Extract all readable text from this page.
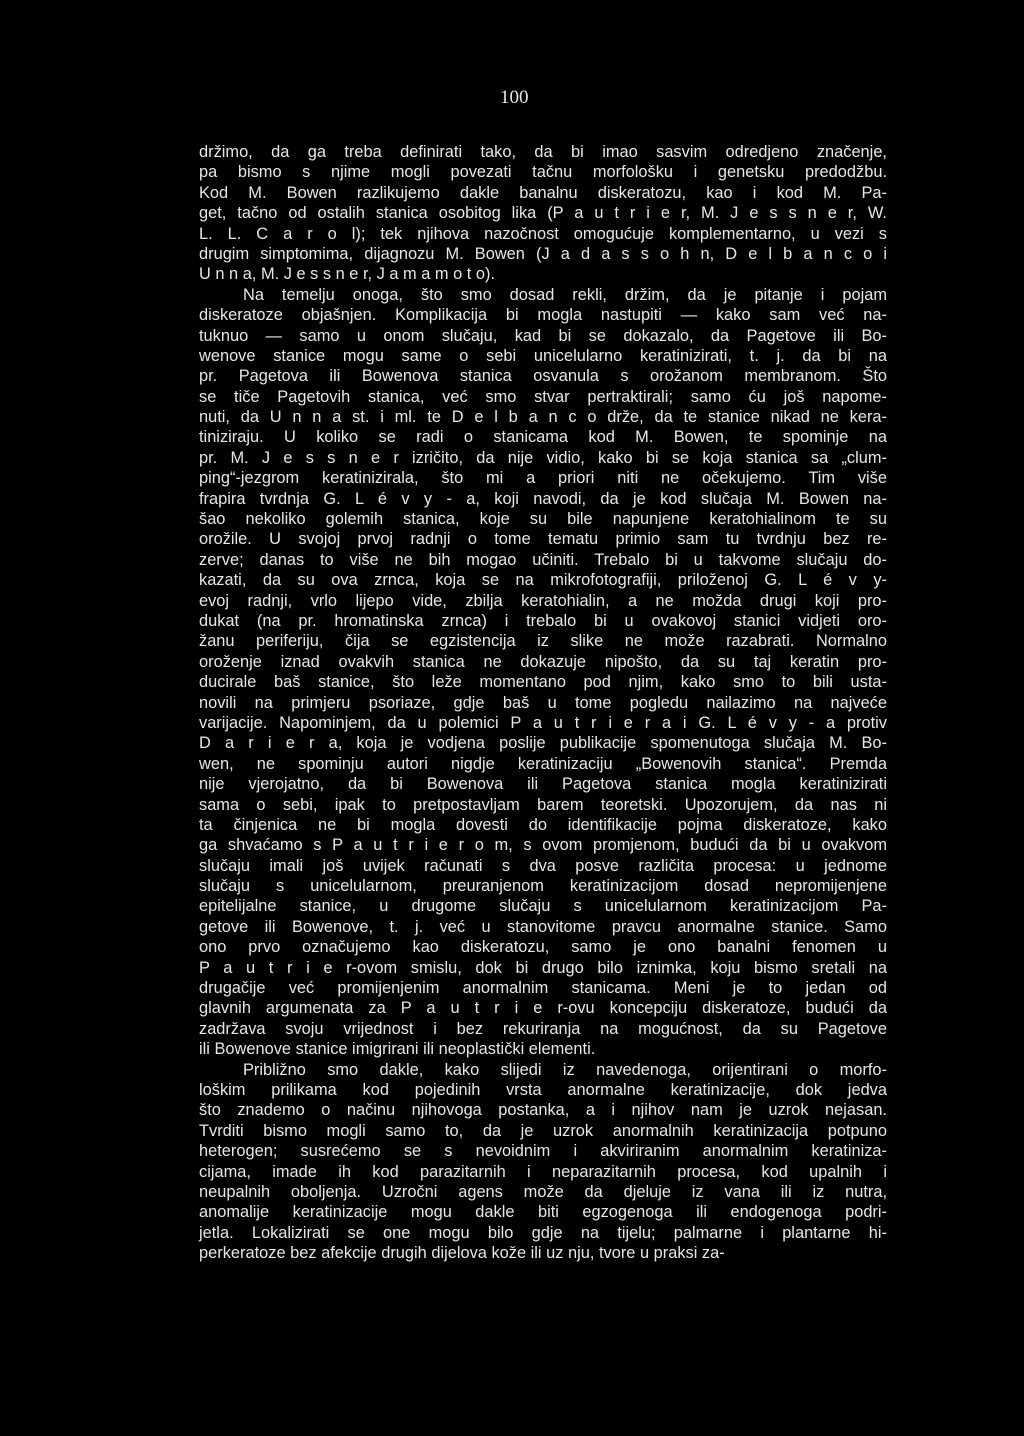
100
držimo, da ga treba definirati tako, da bi imao sasvim odredjeno značenje,
pa bismo s njime mogli povezati tačnu morfološku i genetsku predodžbu.
Kod M. Bowen razlikujemo dakle banalnu diskeratozu, kao i kod M. Pa-
get, tačno od ostalih stanica osobitog lika (P a u t r i e r, M. J e s s n e r, W.
L. L. C a r o l); tek njihova nazočnost omogućuje komplementarno, u vezi s
drugim simptomima, dijagnozu M. Bowen (J a d a s s o h n, D e l b a n c o i
U n n a, M. J e s s n e r, J a m a m o t o).
Na temelju onoga, što smo dosad rekli, držim, da je pitanje i pojam
diskeratoze objašnjen. Komplikacija bi mogla nastupiti — kako sam već na-
tuknuo — samo u onom slučaju, kad bi se dokazalo, da Pagetove ili Bo-
wenove stanice mogu same o sebi unicelularno keratinizirati, t. j. da bi na
pr. Pagetova ili Bowenova stanica osvanula s orožanom membranom. Što
se tiče Pagetovih stanica, već smo stvar pertraktirali; samo ću još napome-
nuti, da U n n a st. i ml. te D e l b a n c o drže, da te stanice nikad ne kera-
tiniziraju. U koliko se radi o stanicama kod M. Bowen, te spominje na
pr. M. J e s s n e r izričito, da nije vidio, kako bi se koja stanica sa „clum-
ping“-jezgrom keratinizirala, što mi a priori niti ne očekujemo. Tim više
frapira tvrdnja G. L é v y - a, koji navodi, da je kod slučaja M. Bowen na-
šao nekoliko golemih stanica, koje su bile napunjene keratohialinom te su
orožile. U svojoj prvoj radnji o tome tematu primio sam tu tvrdnju bez re-
zerve; danas to više ne bih mogao učiniti. Trebalo bi u takvome slučaju do-
kazati, da su ova zrnca, koja se na mikrofotografiji, priloženoj G. L é v y-
evoj radnji, vrlo lijepo vide, zbilja keratohialin, a ne možda drugi koji pro-
dukat (na pr. hromatinska zrnca) i trebalo bi u ovakovoj stanici vidjeti oro-
žanu periferiju, čija se egzistencija iz slike ne može razabrati. Normalno
oroženje iznad ovakvih stanica ne dokazuje nipošto, da su taj keratin pro-
ducirale baš stanice, što leže momentano pod njim, kako smo to bili usta-
novili na primjeru psoriaze, gdje baš u tome pogledu nailazimo na najveće
varijacije. Napominjem, da u polemici P a u t r i e r a i G. L é v y - a protiv
D a r i e r a, koja je vodjena poslije publikacije spomenutoga slučaja M. Bo-
wen, ne spominju autori nigdje keratinizaciju „Bowenovih stanica“. Premda
nije vjerojatno, da bi Bowenova ili Pagetova stanica mogla keratinizirati
sama o sebi, ipak to pretpostavljam barem teoretski. Upozorujem, da nas ni
ta činjenica ne bi mogla dovesti do identifikacije pojma diskeratoze, kako
ga shvaćamo s P a u t r i e r o m, s ovom promjenom, budući da bi u ovakvom
slučaju imali još uvijek računati s dva posve različita procesa: u jednome
slučaju s unicelularnom, preuranjenom keratinizacijom dosad nepromijenjene
epitelijalne stanice, u drugome slučaju s unicelularnom keratinizacijom Pa-
getove ili Bowenove, t. j. već u stanovitome pravcu anormalne stanice. Samo
ono prvo označujemo kao diskeratozu, samo je ono banalni fenomen u
P a u t r i e r-ovom smislu, dok bi drugo bilo iznimka, koju bismo sretali na
drugačije već promijenjenim anormalnim stanicama. Meni je to jedan od
glavnih argumenata za P a u t r i e r-ovu koncepciju diskeratoze, budući da
zadržava svoju vrijednost i bez rekuriranja na mogućnost, da su Pagetove
ili Bowenove stanice imigrirani ili neoplastički elementi.
Približno smo dakle, kako slijedi iz navedenoga, orijentirani o morfo-
loškim prilikama kod pojedinih vrsta anormalne keratinizacije, dok jedva
što znademo o načinu njihovoga postanka, a i njihov nam je uzrok nejasan.
Tvrditi bismo mogli samo to, da je uzrok anormalnih keratinizacija potpuno
heterogen; susrećemo se s nevoidnim i akviriranim anormalnim keratiniza-
cijama, imade ih kod parazitarnih i neparazitarnih procesa, kod upalnih i
neupalnih oboljenja. Uzročni agens može da djeluje iz vana ili iz nutra,
anomalije keratinizacije mogu dakle biti egzogenoga ili endogenoga podri-
jetla. Lokalizirati se one mogu bilo gdje na tijelu; palmarne i plantarne hi-
perkeratoze bez afekcije drugih dijelova kože ili uz nju, tvore u praksi za-
